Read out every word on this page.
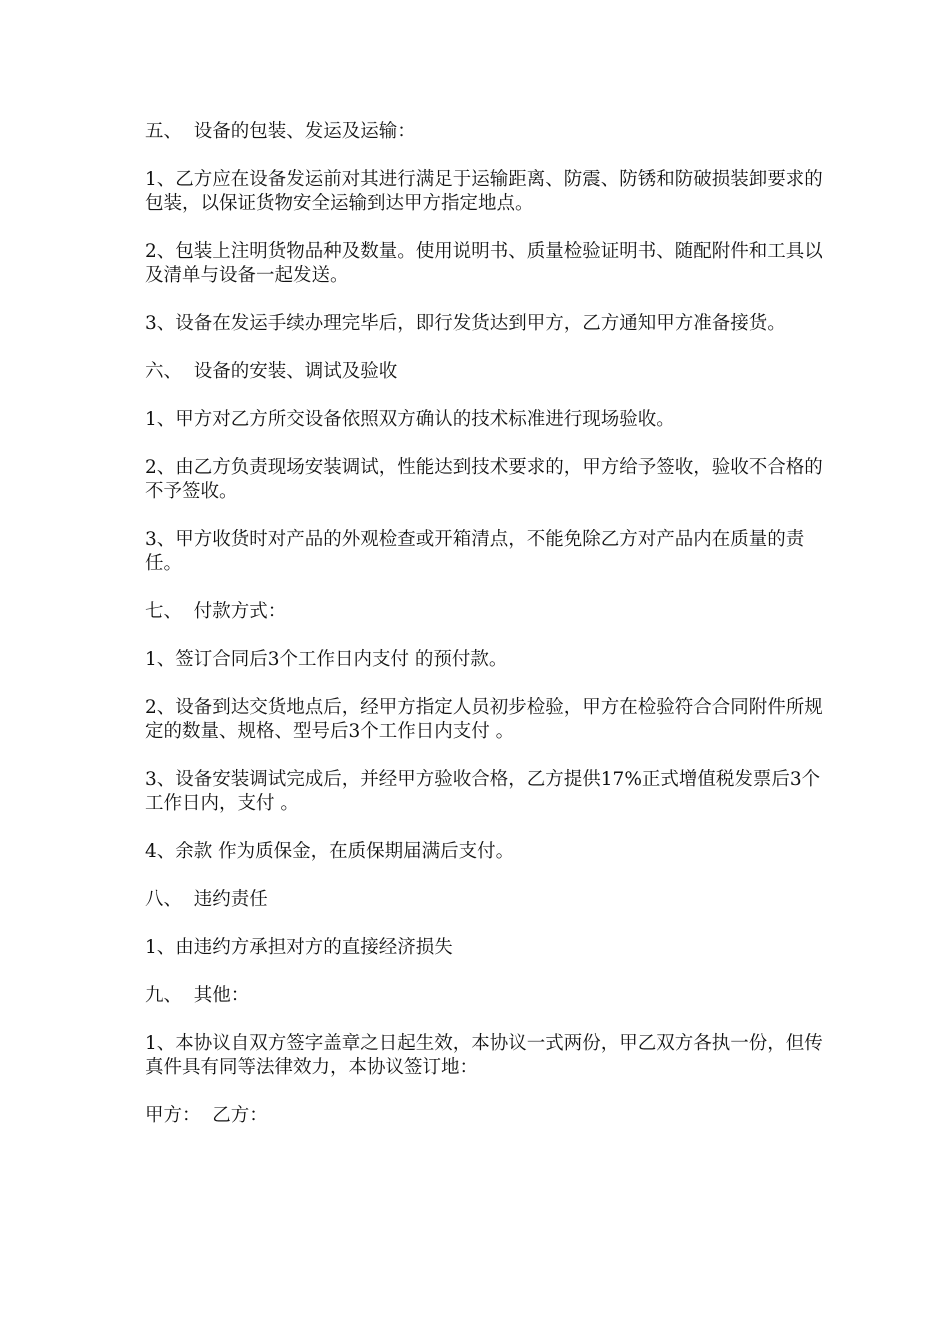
五、  设备的包装、发运及运输：
1、乙方应在设备发运前对其进行满足于运输距离、防震、防锈和防破损装卸要求的包装，以保证货物安全运输到达甲方指定地点。
2、包装上注明货物品种及数量。使用说明书、质量检验证明书、随配附件和工具以及清单与设备一起发送。
3、设备在发运手续办理完毕后，即行发货达到甲方，乙方通知甲方准备接货。
六、  设备的安装、调试及验收
1、甲方对乙方所交设备依照双方确认的技术标准进行现场验收。
2、由乙方负责现场安装调试，性能达到技术要求的，甲方给予签收，验收不合格的不予签收。
3、甲方收货时对产品的外观检查或开箱清点，不能免除乙方对产品内在质量的责任。
七、  付款方式：
1、签订合同后3个工作日内支付 的预付款。
2、设备到达交货地点后，经甲方指定人员初步检验，甲方在检验符合合同附件所规定的数量、规格、型号后3个工作日内支付 。
3、设备安装调试完成后，并经甲方验收合格，乙方提供17%正式增值税发票后3个工作日内，支付 。
4、余款 作为质保金，在质保期届满后支付。
八、  违约责任
1、由违约方承担对方的直接经济损失
九、  其他：
1、本协议自双方签字盖章之日起生效，本协议一式两份，甲乙双方各执一份，但传真件具有同等法律效力，本协议签订地：
甲方：  乙方：
